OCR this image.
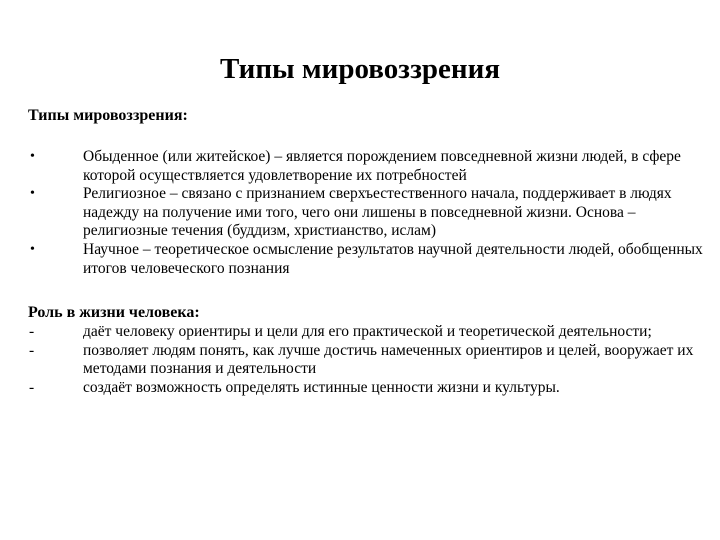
Типы мировоззрения
Типы мировоззрения:
•	Обыденное (или житейское) – является порождением повседневной жизни людей, в сфере которой осуществляется удовлетворение их потребностей
•	Религиозное – связано с признанием сверхъестественного начала, поддерживает в людях надежду на получение ими того, чего они лишены в повседневной жизни. Основа – религиозные течения (буддизм, христианство, ислам)
•	Научное – теоретическое осмысление результатов научной деятельности людей, обобщенных итогов человеческого познания
Роль в жизни человека:
-	даёт человеку ориентиры и цели для его практической и теоретической деятельности;
-	позволяет людям понять, как лучше достичь намеченных ориентиров и целей, вооружает их методами познания и деятельности
-	создаёт возможность определять истинные ценности жизни и культуры.
